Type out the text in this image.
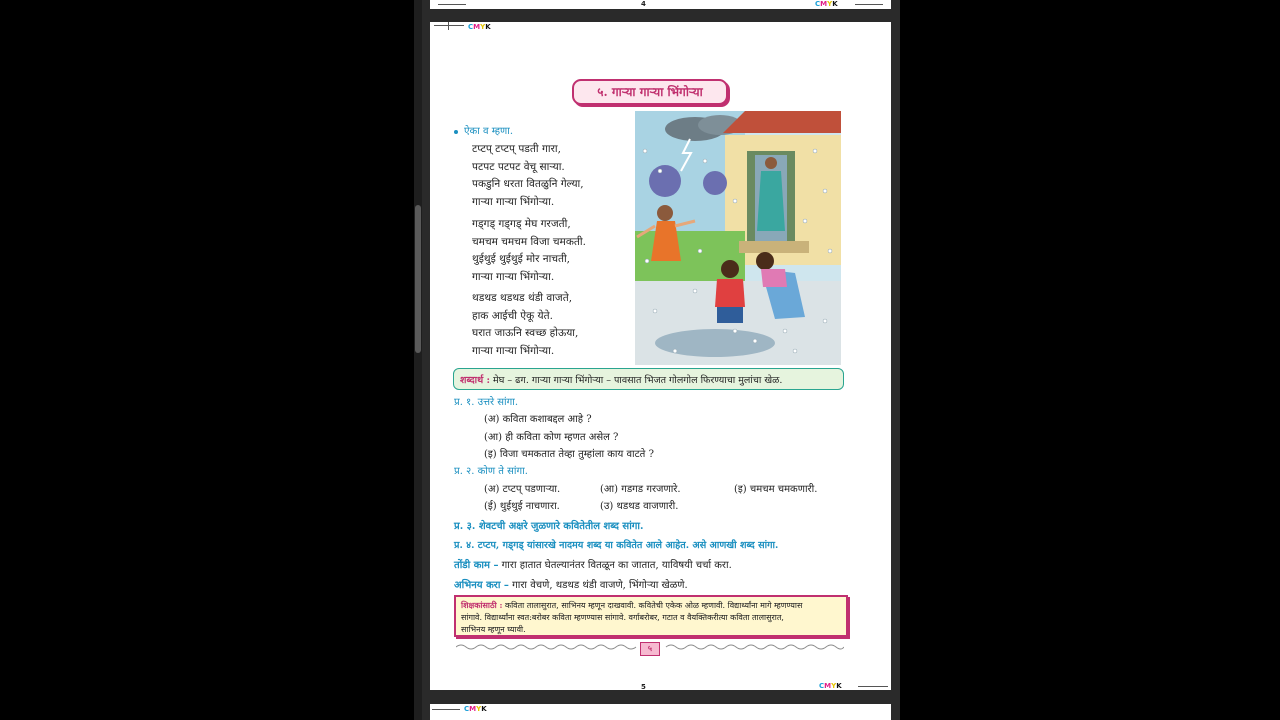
4	CMYK
CMYK
५. गाऱ्या गाऱ्या भिंगोऱ्या
ऐका व म्हणा.
टप्टप् टप्टप् पडती गारा,
पटपट पटपट वेचू साऱ्या.
पकडुनि धरता वितळुनि गेल्या,
गाऱ्या गाऱ्या भिंगोऱ्या.
गड्गड् गड्गड् मेघ गरजती,
चमचम चमचम विजा चमकती.
थुईथुई थुईथुई मोर नाचती,
गाऱ्या गाऱ्या भिंगोऱ्या.
थडथड थडथड थंडी वाजते,
हाक आईची ऐकू येते.
घरात जाऊनि स्वच्छ होऊया,
गाऱ्या गाऱ्या भिंगोऱ्या.
शब्दार्थ : मेघ – ढग. गाऱ्या गाऱ्या भिंगोऱ्या – पावसात भिजत गोलगोल फिरण्याचा मुलांचा खेळ.
प्र. १. उत्तरे सांगा.
(अ) कविता कशाबद्दल आहे ?
(आ) ही कविता कोण म्हणत असेल ?
(इ) विजा चमकतात तेव्हा तुम्हांला काय वाटते ?
प्र. २. कोण ते सांगा.
(अ) टप्टप् पडणाऱ्या.	(आ) गडगड गरजणारे.	(इ) चमचम चमकणारी.
(ई) थुईथुई नाचणारा.	(उ) थडथड वाजणारी.
प्र. ३. शेवटची अक्षरे जुळणारे कवितेतील शब्द सांगा.
प्र. ४. टप्टप, गड्गड् यांसारखे नादमय शब्द या कवितेत आले आहेत. असे आणखी शब्द सांगा.
तोंडी काम – गारा हातात घेतल्यानंतर वितळून का जातात, याविषयी चर्चा करा.
अभिनय करा – गारा वेचणे, थडथड थंडी वाजणे, भिंगोऱ्या खेळणे.
शिक्षकांसाठी : कविता तालासुरात, साभिनय म्हणून दाखवावी. कवितेची एकेक ओळ म्हणावी. विद्यार्थ्यांना मागे म्हणण्यास
सांगावे. विद्यार्थ्यांना स्वत:बरोबर कविता म्हणण्यास सांगावे. वर्गाबरोबर, गटात व वैयक्तिकरीत्या कविता तालासुरात,
साभिनय म्हणून घ्यावी.
५
5	CMYK
CMYK
